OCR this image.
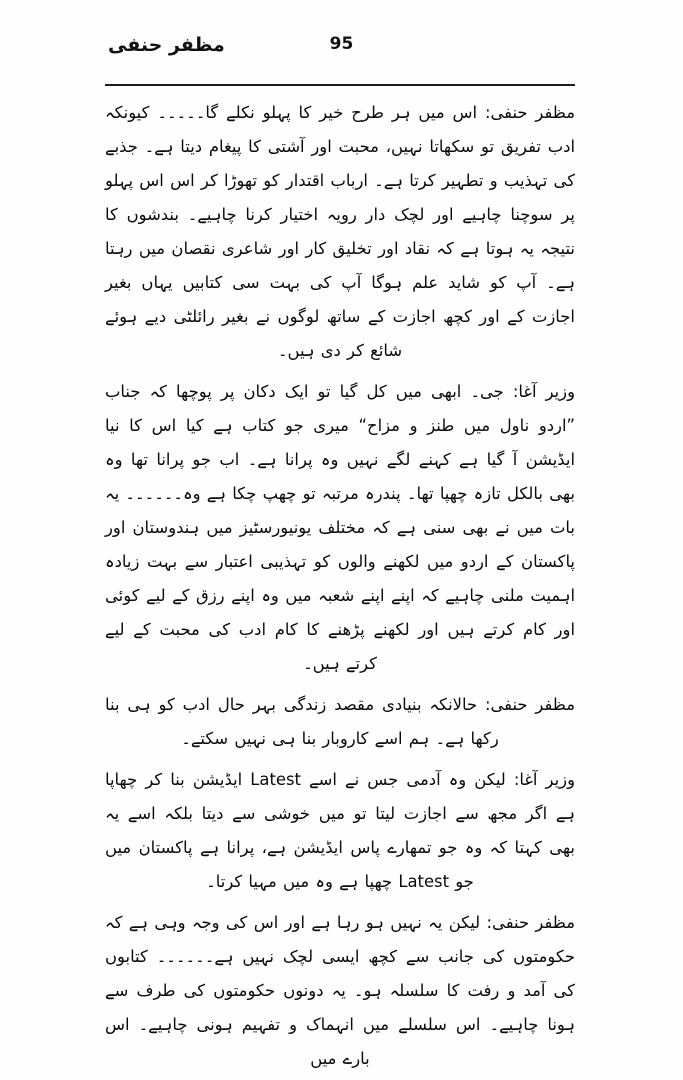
مظفر حنفی	95

مظفر حنفی: اس میں ہر طرح خیر کا پہلو نکلے گا۔۔۔۔۔ کیونکہ ادب تفریق تو سکھاتا نہیں، محبت اور آشتی کا پیغام دیتا ہے۔ جذبے کی تہذیب و تطہیر کرتا ہے۔ ارباب اقتدار کو تھوڑا کر اس اس پہلو پر سوچنا چاہیے اور لچک دار رویہ اختیار کرنا چاہیے۔ بندشوں کا نتیجہ یہ ہوتا ہے کہ نقاد اور تخلیق کار اور شاعری نقصان میں رہتا ہے۔ آپ کو شاید علم ہوگا آپ کی بہت سی کتابیں یہاں بغیر اجازت کے اور کچھ اجازت کے ساتھ لوگوں نے بغیر رائلٹی دیے ہوئے شائع کر دی ہیں۔

وزیر آغا: جی۔ ابھی میں کل گیا تو ایک دکان پر پوچھا کہ جناب ”اردو ناول میں طنز و مزاح“ میری جو کتاب ہے کیا اس کا نیا ایڈیشن آ گیا ہے کہنے لگے نہیں وہ پرانا ہے۔ اب جو پرانا تھا وہ بھی بالکل تازہ چھپا تھا۔ پندرہ مرتبہ تو چھپ چکا ہے وہ۔۔۔۔۔۔ یہ بات میں نے بھی سنی ہے کہ مختلف یونیورسٹیز میں ہندوستان اور پاکستان کے اردو میں لکھنے والوں کو تہذیبی اعتبار سے بہت زیادہ اہمیت ملنی چاہیے کہ اپنے اپنے شعبہ میں وہ اپنے رزق کے لیے کوئی اور کام کرتے ہیں اور لکھنے پڑھنے کا کام ادب کی محبت کے لیے کرتے ہیں۔

مظفر حنفی: حالانکہ بنیادی مقصد زندگی بہر حال ادب کو ہی بنا رکھا ہے۔ ہم اسے کاروبار بنا ہی نہیں سکتے۔

وزیر آغا: لیکن وہ آدمی جس نے اسے Latest ایڈیشن بنا کر چھاپا ہے اگر مجھ سے اجازت لیتا تو میں خوشی سے دیتا بلکہ اسے یہ بھی کہتا کہ وہ جو تمھارے پاس ایڈیشن ہے، پرانا ہے پاکستان میں جو Latest چھپا ہے وہ میں مہیا کرتا۔

مظفر حنفی: لیکن یہ نہیں ہو رہا ہے اور اس کی وجہ وہی ہے کہ حکومتوں کی جانب سے کچھ ایسی لچک نہیں ہے۔۔۔۔۔۔ کتابوں کی آمد و رفت کا سلسلہ ہو۔ یہ دونوں حکومتوں کی طرف سے ہونا چاہیے۔ اس سلسلے میں انہماک و تفہیم ہونی چاہیے۔ اس بارے میں
